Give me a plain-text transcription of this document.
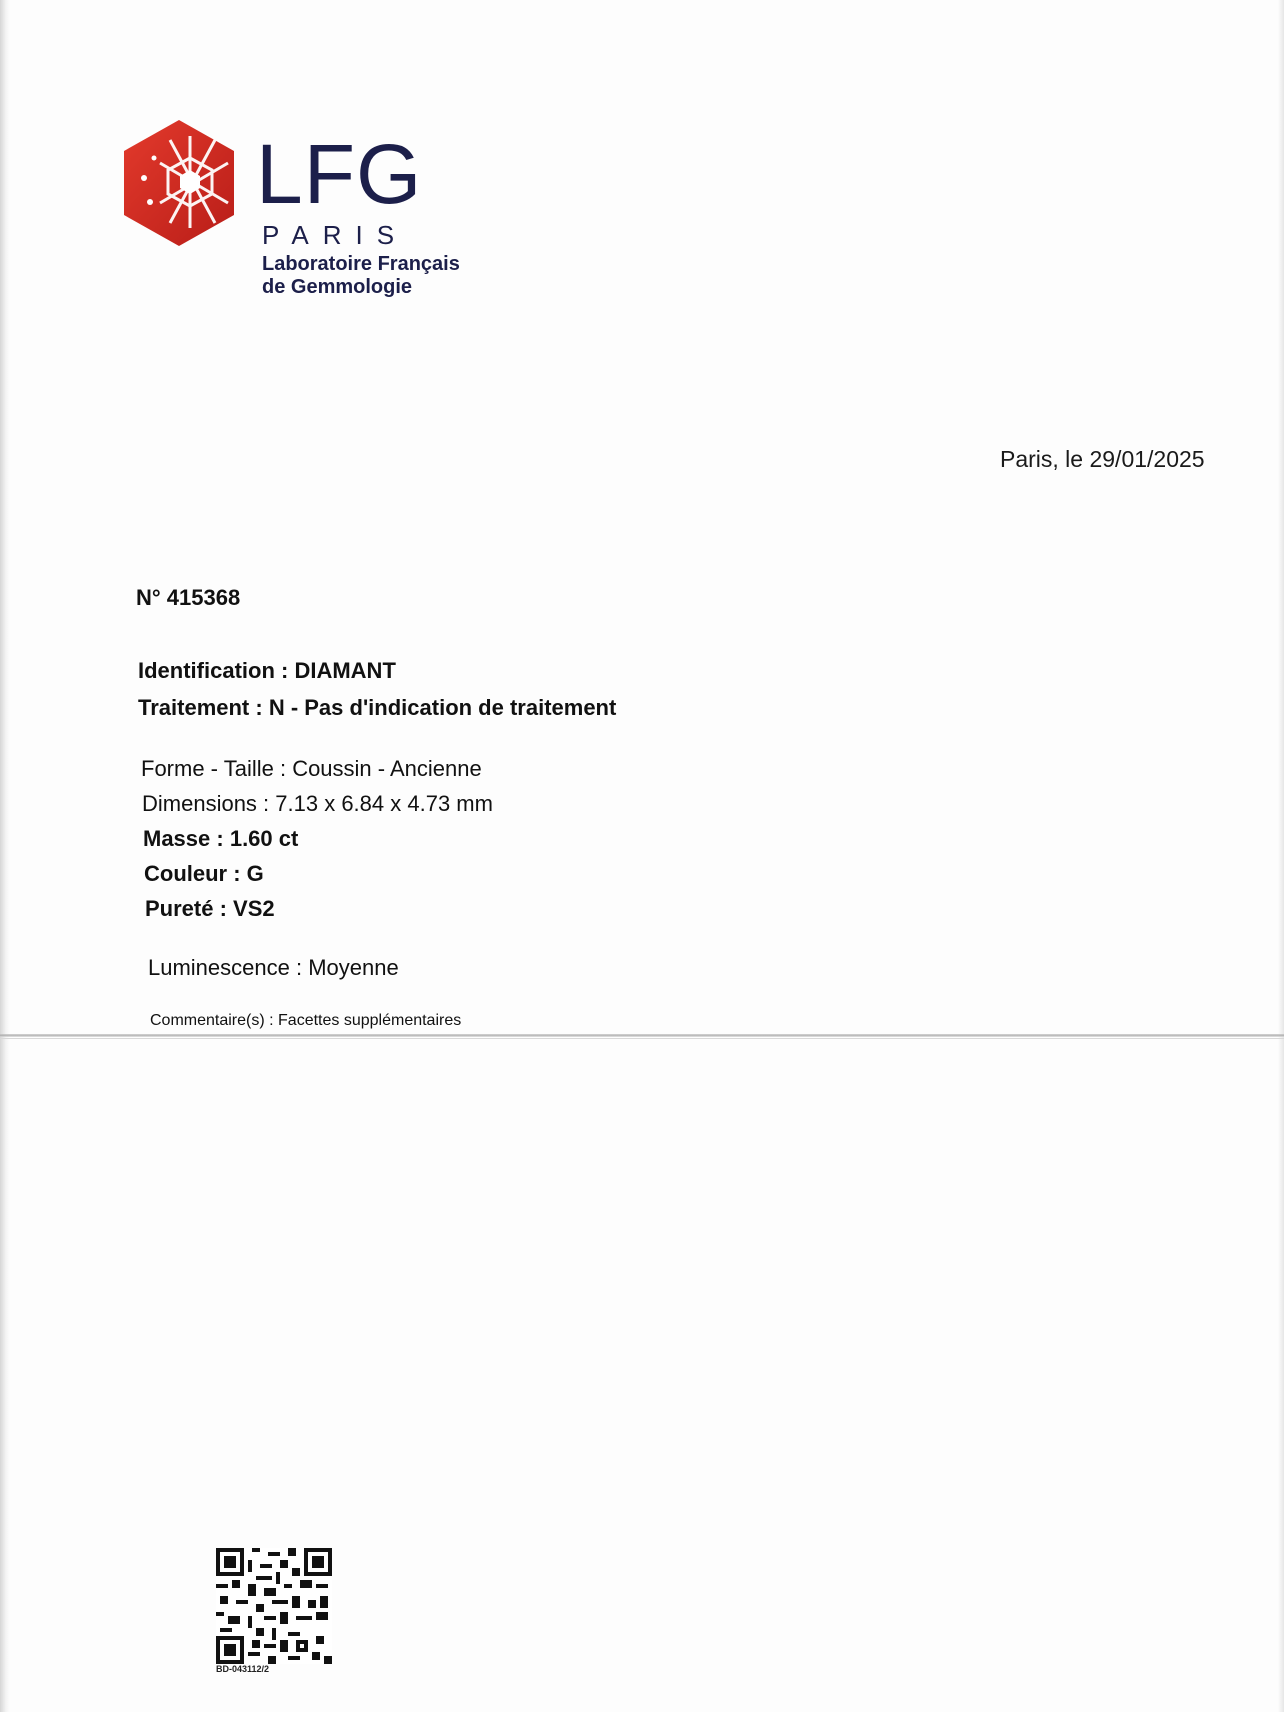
LFG
PARIS
Laboratoire Français
de Gemmologie
Paris, le 29/01/2025
N° 415368
Identification : DIAMANT
Traitement : N - Pas d'indication de traitement
Forme - Taille : Coussin - Ancienne
Dimensions : 7.13 x 6.84 x 4.73 mm
Masse : 1.60 ct
Couleur : G
Pureté : VS2
Luminescence : Moyenne
Commentaire(s) : Facettes supplémentaires
BD-043112/2
